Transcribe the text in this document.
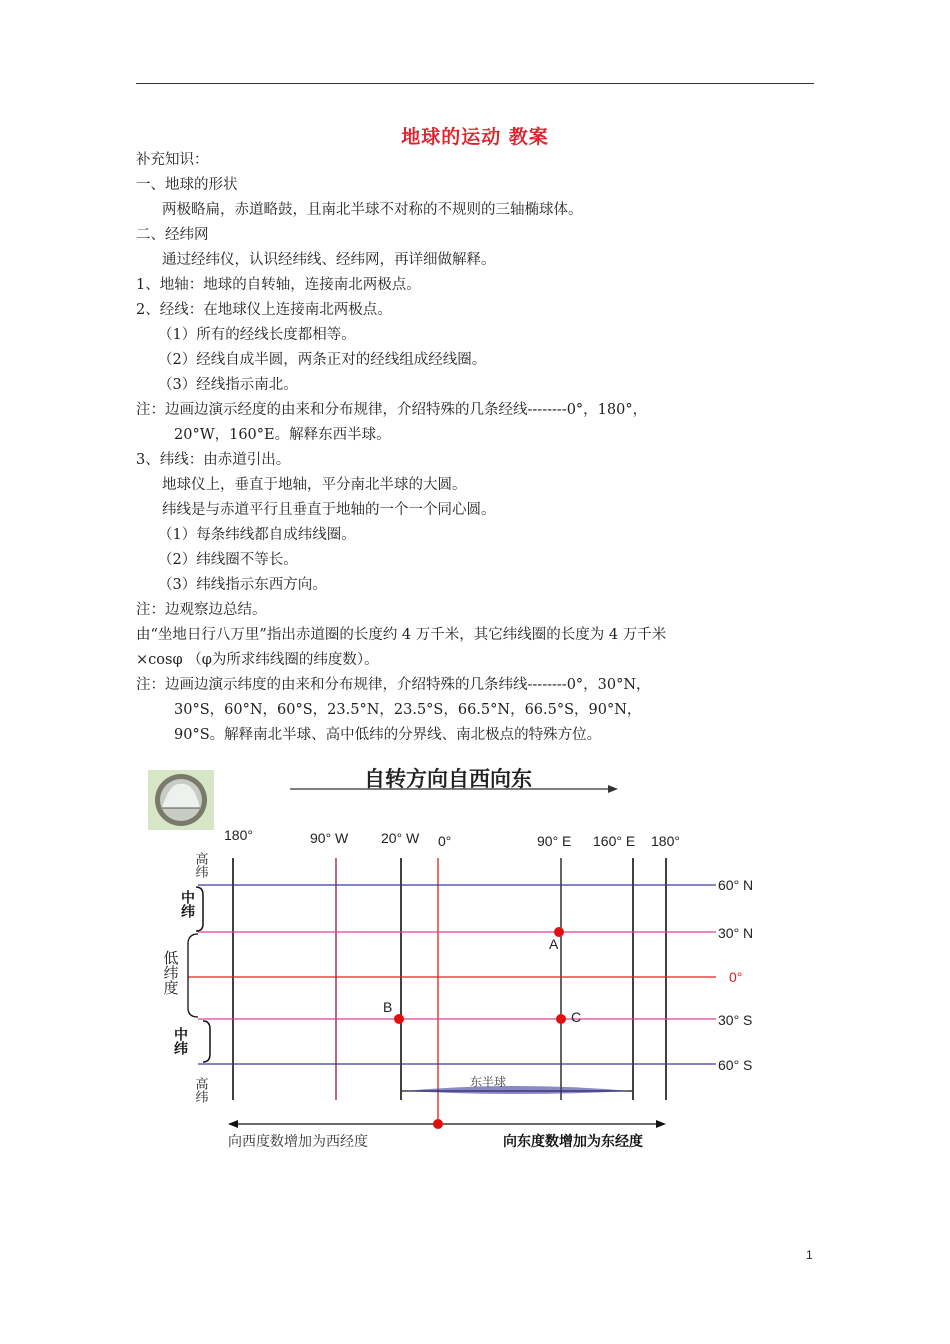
地球的运动 教案
补充知识：
一、地球的形状
两极略扁，赤道略鼓，且南北半球不对称的不规则的三轴椭球体。
二、经纬网
通过经纬仪，认识经纬线、经纬网，再详细做解释。
1、地轴：地球的自转轴，连接南北两极点。
2、经线：在地球仪上连接南北两极点。
（1）所有的经线长度都相等。
（2）经线自成半圆，两条正对的经线组成经线圈。
（3）经线指示南北。
注：边画边演示经度的由来和分布规律，介绍特殊的几条经线--------0°，180°，
20°W，160°E。解释东西半球。
3、纬线：由赤道引出。
地球仪上，垂直于地轴，平分南北半球的大圆。
纬线是与赤道平行且垂直于地轴的一个一个同心圆。
（1）每条纬线都自成纬线圈。
（2）纬线圈不等长。
（3）纬线指示东西方向。
注：边观察边总结。
由“坐地日行八万里”指出赤道圈的长度约 4 万千米，其它纬线圈的长度为 4 万千米
×cosφ （φ为所求纬线圈的纬度数）。
注：边画边演示纬度的由来和分布规律，介绍特殊的几条纬线--------0°，30°N，
30°S，60°N，60°S，23.5°N，23.5°S，66.5°N，66.5°S，90°N，
90°S。解释南北半球、高中低纬的分界线、南北极点的特殊方位。
自转方向自西向东
180°	90° W 20° W 0°	90° E 160° E 180°
60° N
30° N
0°
30° S
60° S
高纬
中纬
低纬度
中纬
高纬
A
B
C
东半球
向西度数增加为西经度	向东度数增加为东经度
1
